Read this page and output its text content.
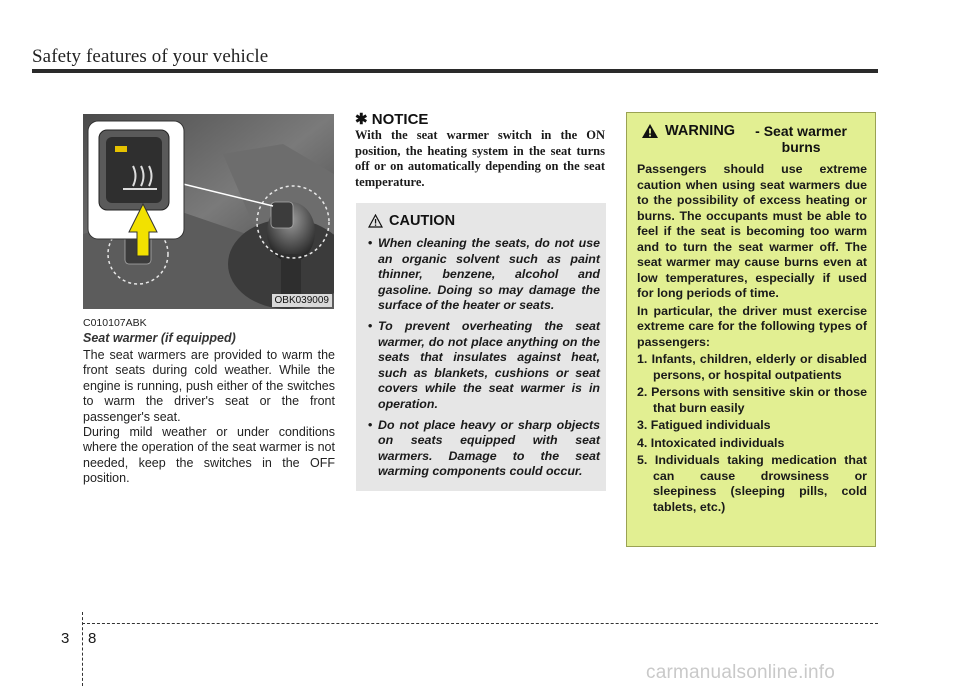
Safety features of your vehicle
OBK039009
C010107ABK
Seat warmer (if equipped)

The seat warmers are provided to warm the front seats during cold weather. While the engine is running, push either of the switches to warm the driver's seat or the front passenger's seat.

During mild weather or under conditions where the operation of the seat warmer is not needed, keep the switches in the OFF position.

✱ NOTICE

With the seat warmer switch in the ON position, the heating system in the seat turns off or on automatically depending on the seat temperature.

CAUTION
• When cleaning the seats, do not use an organic solvent such as paint thinner, benzene, alcohol and gasoline. Doing so may damage the surface of the heater or seats.
• To prevent overheating the seat warmer, do not place anything on the seats that insulates against heat, such as blankets, cushions or seat covers while the seat warmer is in operation.
• Do not place heavy or sharp objects on seats equipped with seat warmers. Damage to the seat warming components could occur.
WARNING	- Seat warmer burns

Passengers should use extreme caution when using seat warmers due to the possibility of excess heating or burns. The occupants must be able to feel if the seat is becoming too warm and to turn the seat warmer off. The seat warmer may cause burns even at low temperatures, especially if used for long periods of time.

In particular, the driver must exercise extreme care for the following types of passengers:

1. Infants, children, elderly or disabled persons, or hospital outpatients
2. Persons with sensitive skin or those that burn easily
3. Fatigued individuals
4. Intoxicated individuals
5. Individuals taking medication that can cause drowsiness or sleepiness (sleeping pills, cold tablets, etc.)
3 8
carmanualsonline.info
